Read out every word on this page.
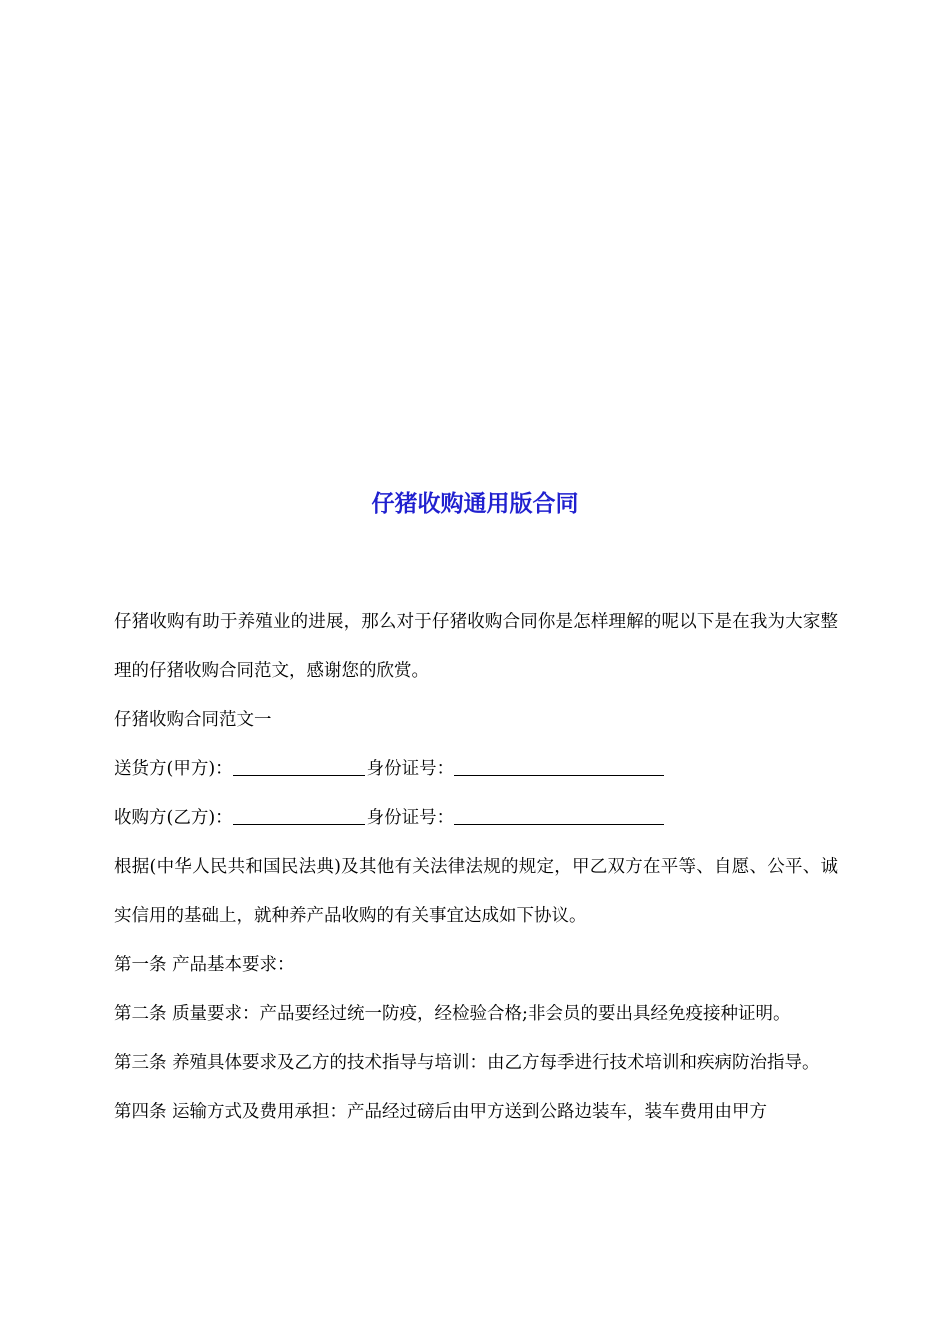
仔猪收购通用版合同

仔猪收购有助于养殖业的进展，那么对于仔猪收购合同你是怎样理解的呢以下是在我为大家整理的仔猪收购合同范文，感谢您的欣赏。

仔猪收购合同范文一

送货方(甲方)：	身份证号：

收购方(乙方)：	身份证号：

根据(中华人民共和国民法典)及其他有关法律法规的规定，甲乙双方在平等、自愿、公平、诚实信用的基础上，就种养产品收购的有关事宜达成如下协议。

第一条 产品基本要求：

第二条 质量要求：产品要经过统一防疫，经检验合格;非会员的要出具经免疫接种证明。

第三条 养殖具体要求及乙方的技术指导与培训：由乙方每季进行技术培训和疾病防治指导。

第四条 运输方式及费用承担：产品经过磅后由甲方送到公路边装车，装车费用由甲方
